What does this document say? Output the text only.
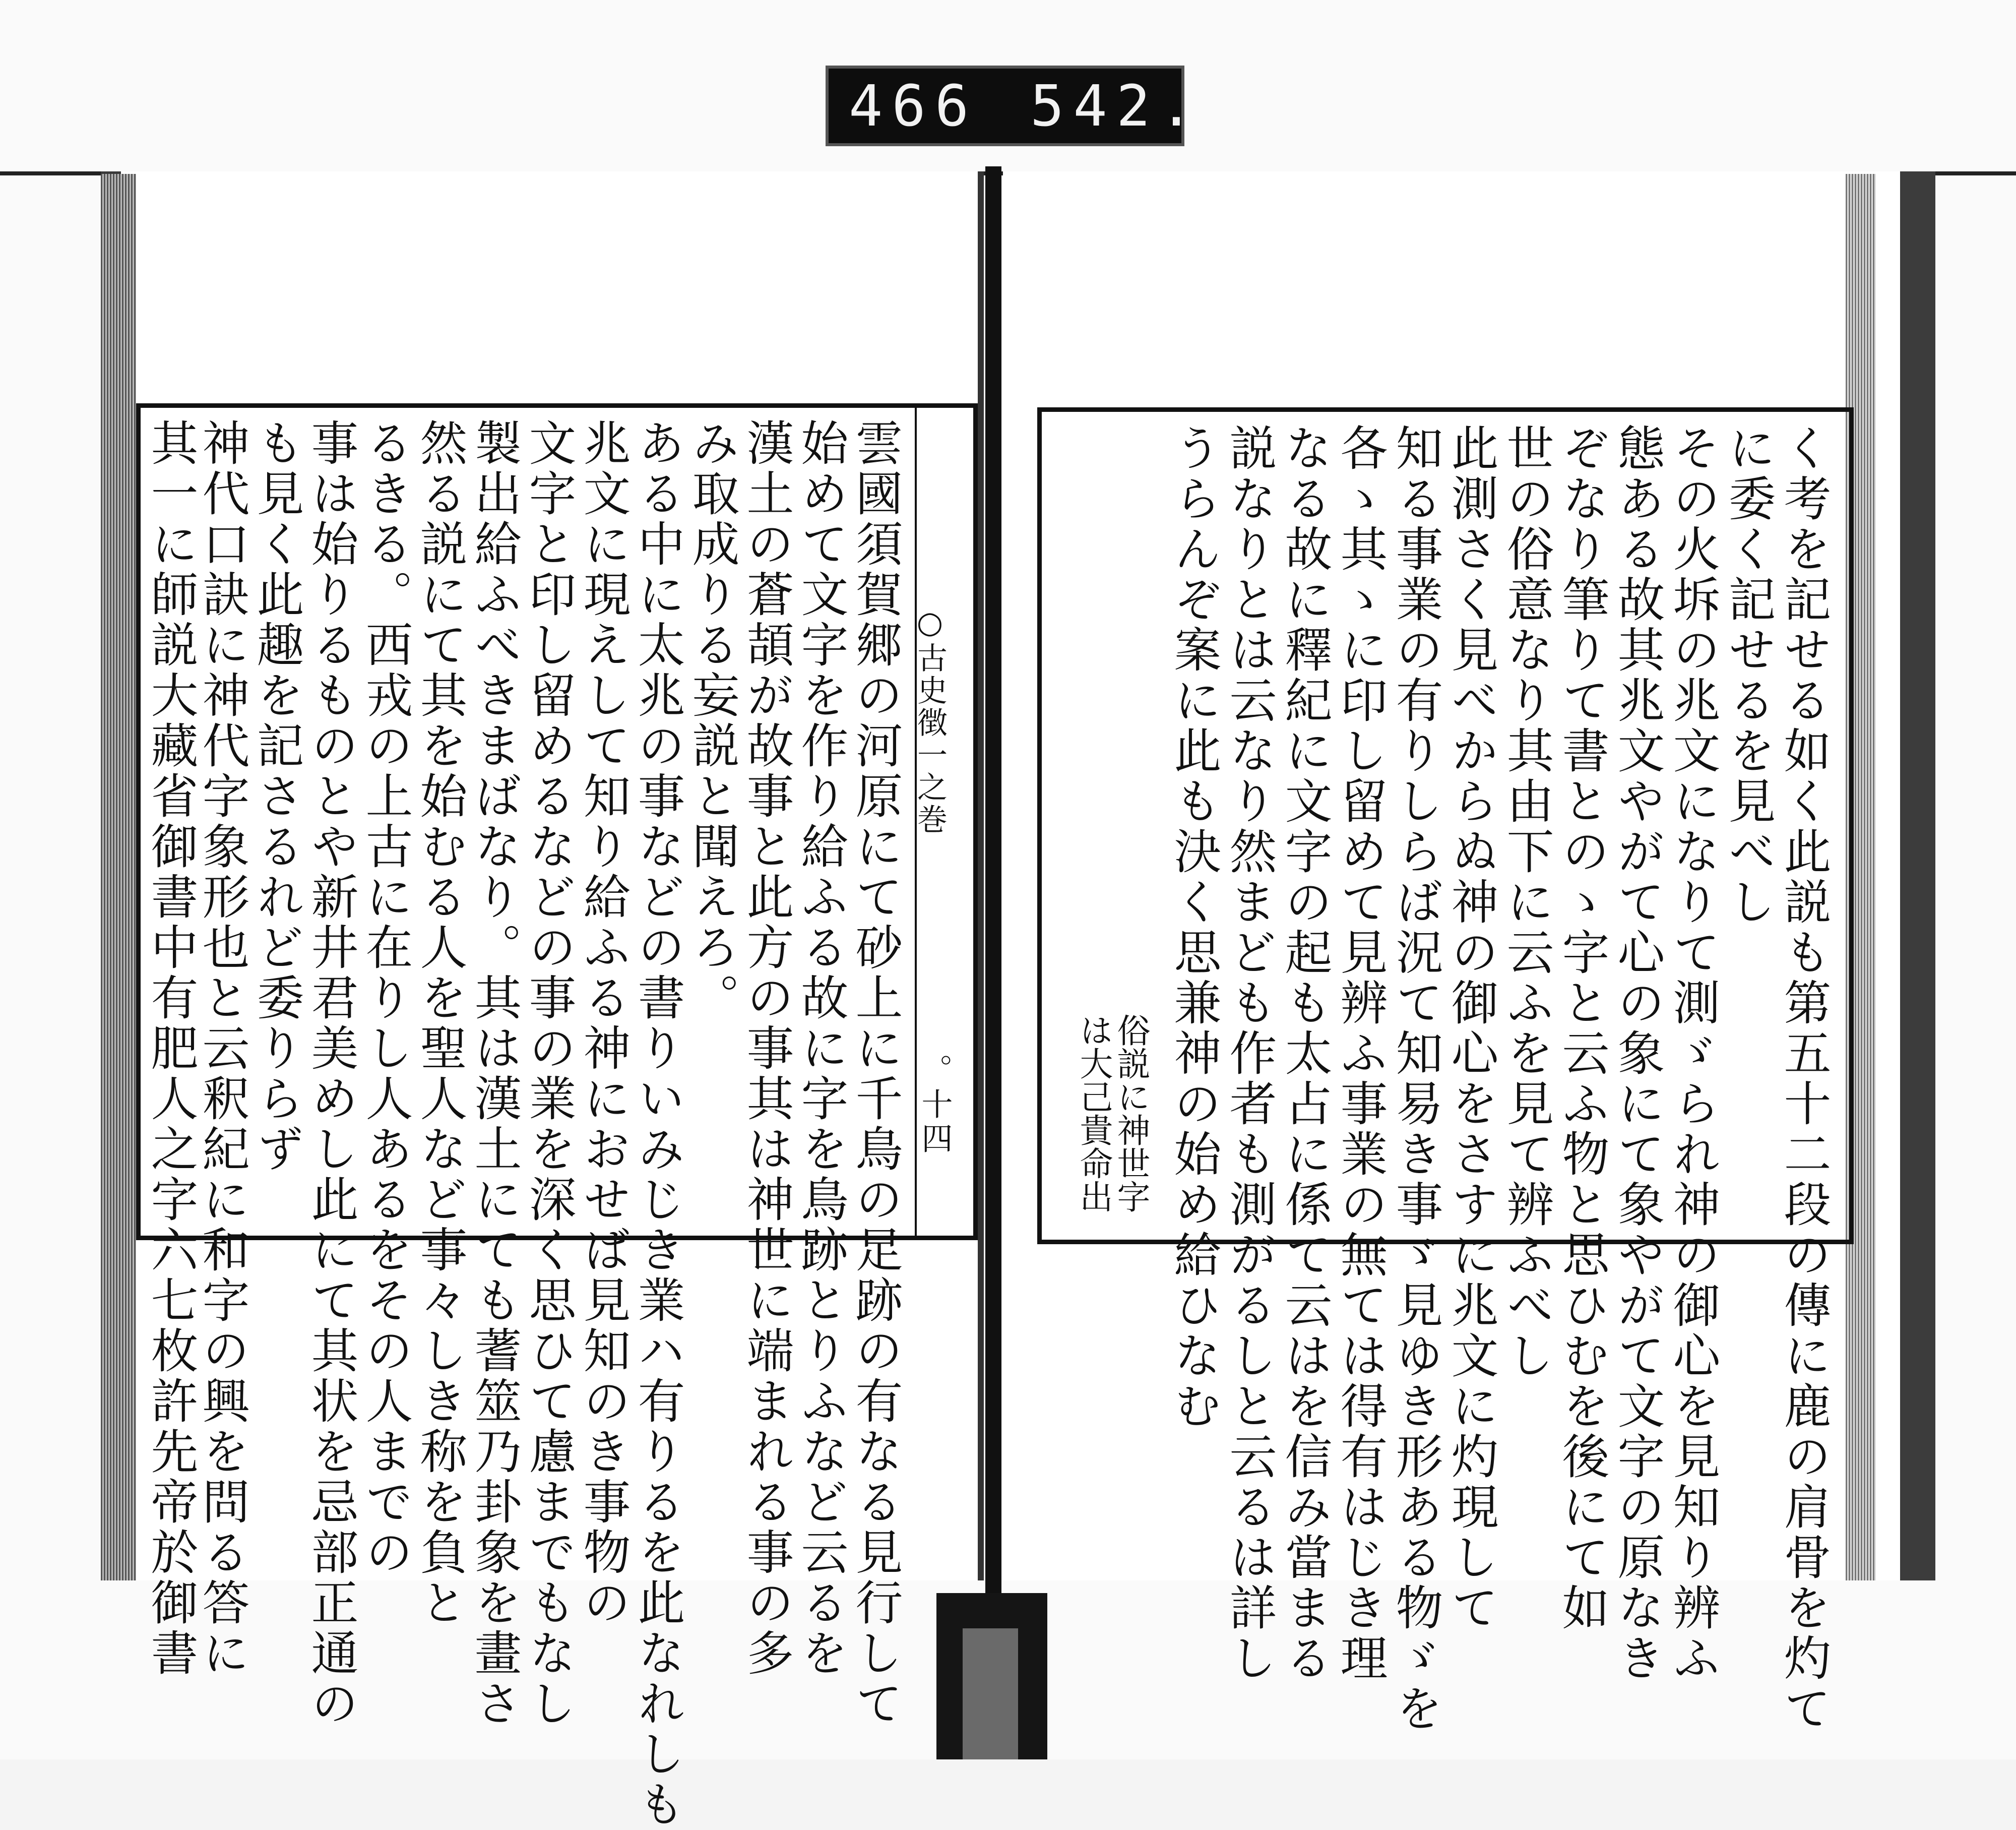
466 542.
○古史徴一之巻
。十四
雲國須賀郷の河原にて砂上に千鳥の足跡の有なる見行して
始めて文字を作り給ふる故に字を鳥跡とりふなど云るを
漢土の蒼頡が故事と此方の事其は神世に端まれる事の多
み取成りる妄説と聞えろ。
ある中に太兆の事などの書りいみじき業ハ有りるを此なれしも
兆文に現えして知り給ふる神におせば見知のき事物の
文字と印し留めるなどの事の業を深く思ひて慮までもなし
製出給ふべきまばなり。其は漢土にても蓍筮乃卦象を畫さ
然る説にて其を始むる人を聖人など事々しき称を負と
るきる。西戎の上古に在りし人あるをその人までの
事は始りるものとや新井君美めし此にて其状を忌部正通の
も見く此趣を記さるれど委りらず
神代口訣に神代字象形也と云釈紀に和字の興を問る答に
其一に師説大藏省御書中有肥人之字六七枚許先帝於御書	く考を記せる如く此説も第五十二段の傳に鹿の肩骨を灼て
に委く記せるを見べし
その火坼の兆文になりて測ゞられ神の御心を見知り辨ふ
態ある故其兆文やがて心の象にて象やがて文字の原なき
ぞなり筆りて書とのゝ字と云ふ物と思ひむを後にて如
世の俗意なり其由下に云ふを見て辨ふべし
此測さく見べからぬ神の御心をさすに兆文に灼現して
知る事業の有りしらば況て知易き事ゞ見ゆき形ある物ゞを
各ゝ其ゝに印し留めて見辨ふ事業の無ては得有はじき理
なる故に釋紀に文字の起も太占に係て云はを信み當まる
説なりとは云なり然まども作者も測がるしと云るは詳し
うらんぞ案に此も決く思兼神の始め給ひなむ
俗説に神世字
は大己貴命出
